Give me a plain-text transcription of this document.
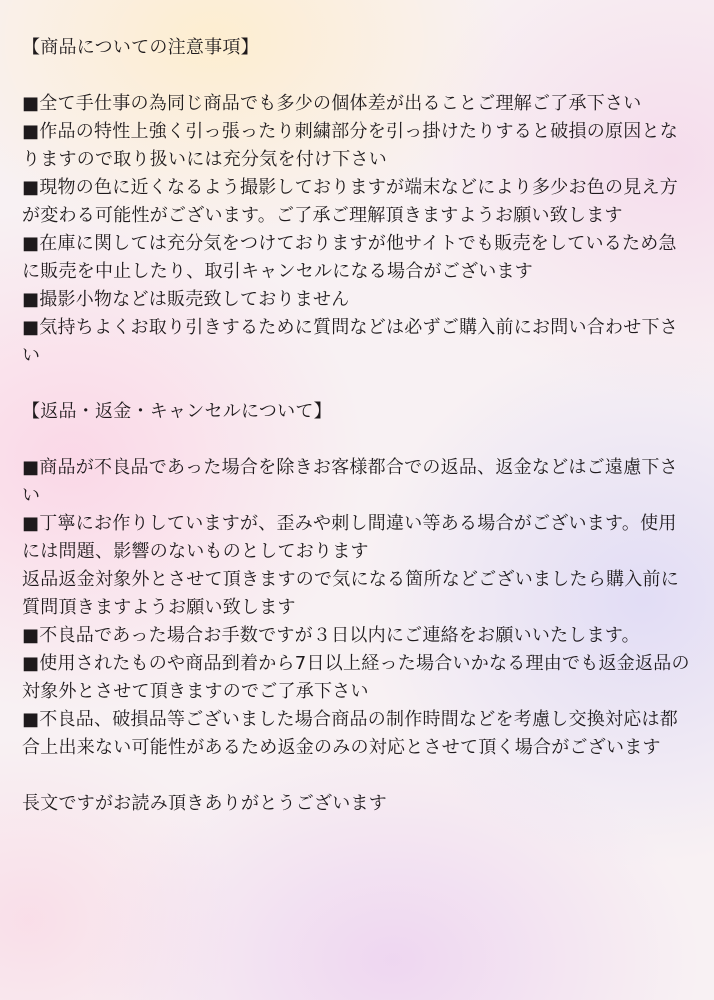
【商品についての注意事項】
■全て手仕事の為同じ商品でも多少の個体差が出ることご理解ご了承下さい
■作品の特性上強く引っ張ったり刺繍部分を引っ掛けたりすると破損の原因となりますので取り扱いには充分気を付け下さい
■現物の色に近くなるよう撮影しておりますが端末などにより多少お色の見え方が変わる可能性がございます。ご了承ご理解頂きますようお願い致します
■在庫に関しては充分気をつけておりますが他サイトでも販売をしているため急に販売を中止したり、取引キャンセルになる場合がございます
■撮影小物などは販売致しておりません
■気持ちよくお取り引きするために質問などは必ずご購入前にお問い合わせ下さい
【返品・返金・キャンセルについて】
■商品が不良品であった場合を除きお客様都合での返品、返金などはご遠慮下さい
■丁寧にお作りしていますが、歪みや刺し間違い等ある場合がございます。使用には問題、影響のないものとしております
返品返金対象外とさせて頂きますので気になる箇所などございましたら購入前に質問頂きますようお願い致します
■不良品であった場合お手数ですが３日以内にご連絡をお願いいたします。
■使用されたものや商品到着から7日以上経った場合いかなる理由でも返金返品の対象外とさせて頂きますのでご了承下さい
■不良品、破損品等ございました場合商品の制作時間などを考慮し交換対応は都合上出来ない可能性があるため返金のみの対応とさせて頂く場合がございます

長文ですがお読み頂きありがとうございます
